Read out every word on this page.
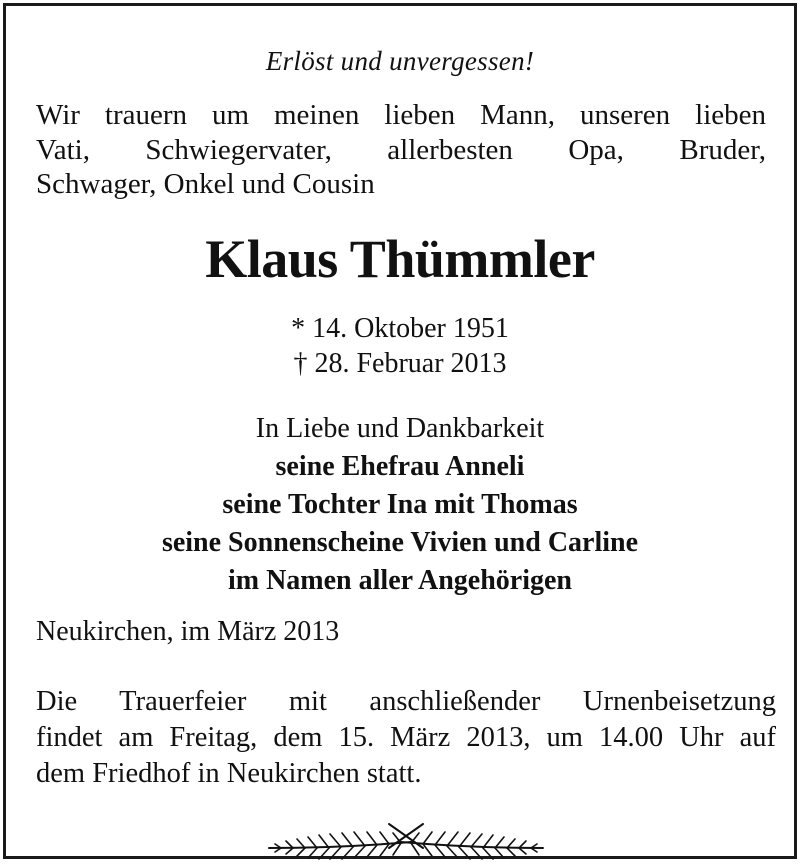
Erlöst und unvergessen!
Wir trauern um meinen lieben Mann, unseren lieben
Vati, Schwiegervater, allerbesten Opa, Bruder,
Schwager, Onkel und Cousin
Klaus Thümmler
* 14. Oktober 1951
† 28. Februar 2013
In Liebe und Dankbarkeit
seine Ehefrau Anneli
seine Tochter Ina mit Thomas
seine Sonnenscheine Vivien und Carline
im Namen aller Angehörigen
Neukirchen, im März 2013
Die Trauerfeier mit anschließender Urnenbeisetzung
findet am Freitag, dem 15. März 2013, um 14.00 Uhr auf
dem Friedhof in Neukirchen statt.
